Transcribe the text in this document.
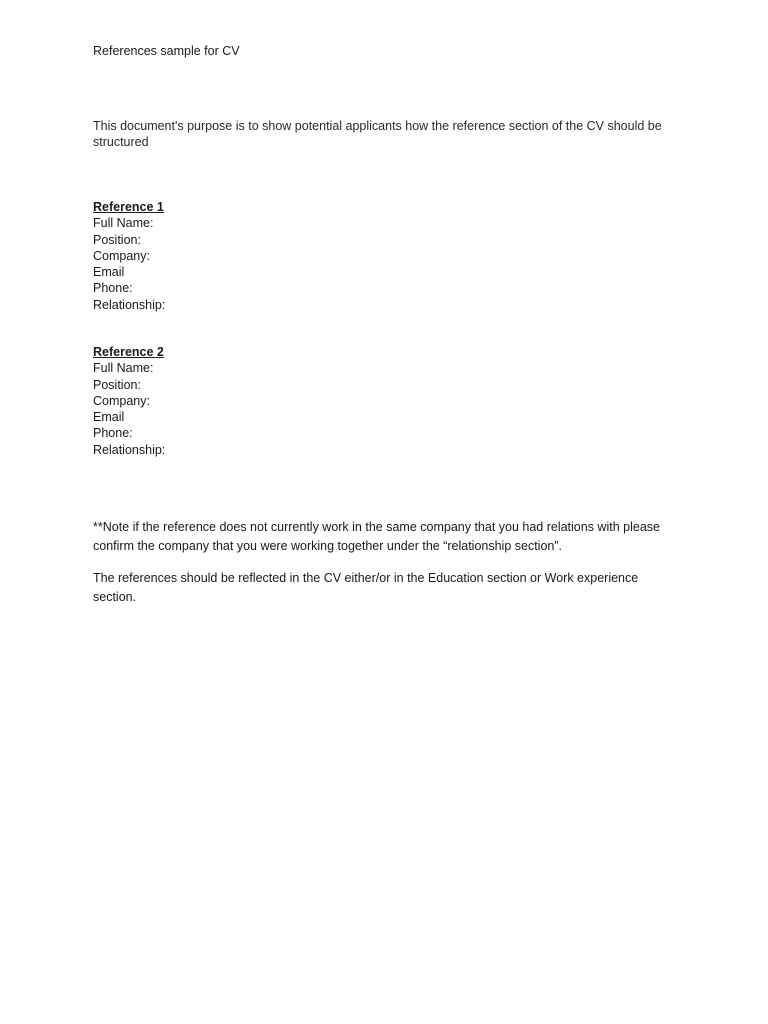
References sample for CV
This document's purpose is to show potential applicants how the reference section of the CV should be structured
Reference 1
Full Name:
Position:
Company:
Email
Phone:
Relationship:
Reference 2
Full Name:
Position:
Company:
Email
Phone:
Relationship:
**Note if the reference does not currently work in the same company that you had relations with please confirm the company that you were working together under the “relationship section”.
The references should be reflected in the CV either/or in the Education section or Work experience section.
